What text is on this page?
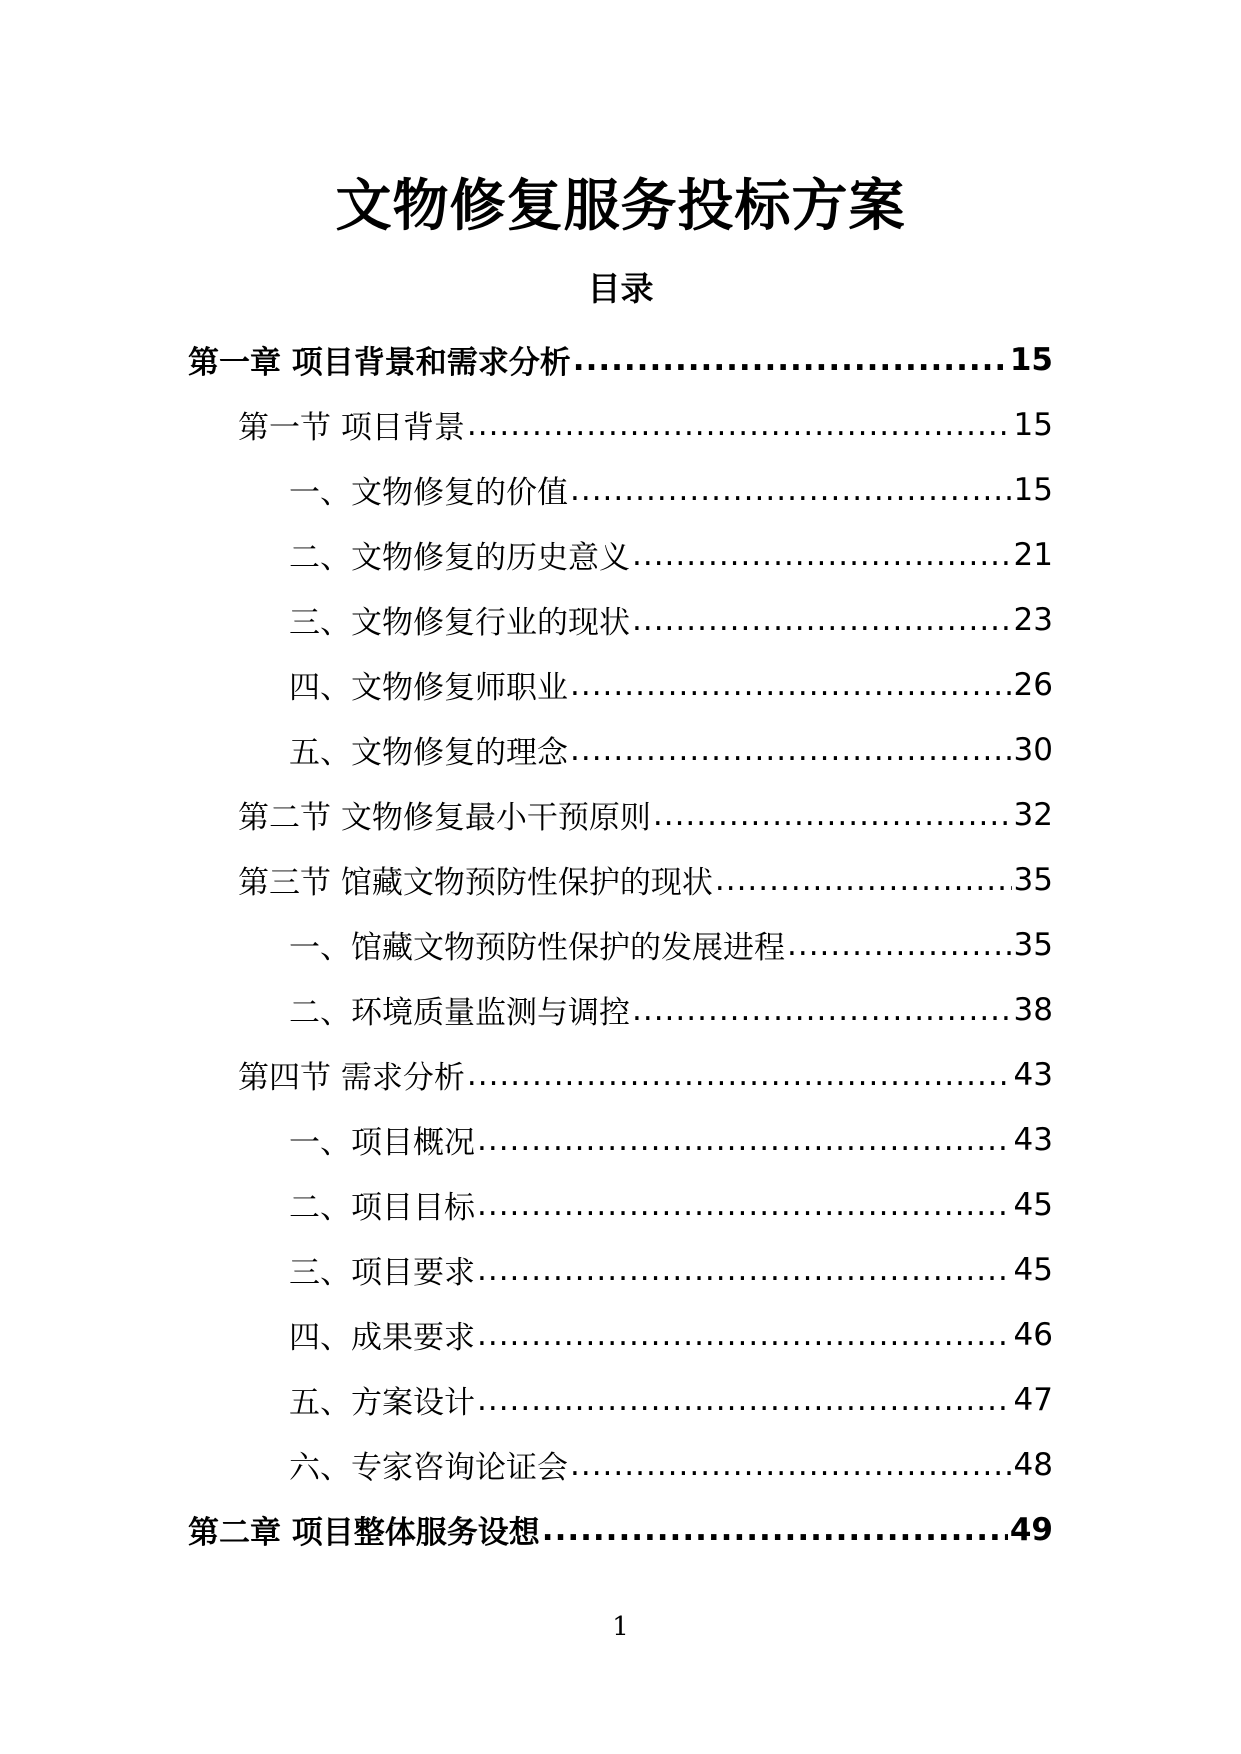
文物修复服务投标方案
目录
第一章 项目背景和需求分析 .....	15
第一节 项目背景 .....	15
一、文物修复的价值 .....	15
二、文物修复的历史意义 .....	21
三、文物修复行业的现状 .....	23
四、文物修复师职业 .....	26
五、文物修复的理念 .....	30
第二节 文物修复最小干预原则 .....	32
第三节 馆藏文物预防性保护的现状 .....	35
一、馆藏文物预防性保护的发展进程 .....	35
二、环境质量监测与调控 .....	38
第四节 需求分析 .....	43
一、项目概况 .....	43
二、项目目标 .....	45
三、项目要求 .....	45
四、成果要求 .....	46
五、方案设计 .....	47
六、专家咨询论证会 .....	48
第二章 项目整体服务设想 .....	49
1
